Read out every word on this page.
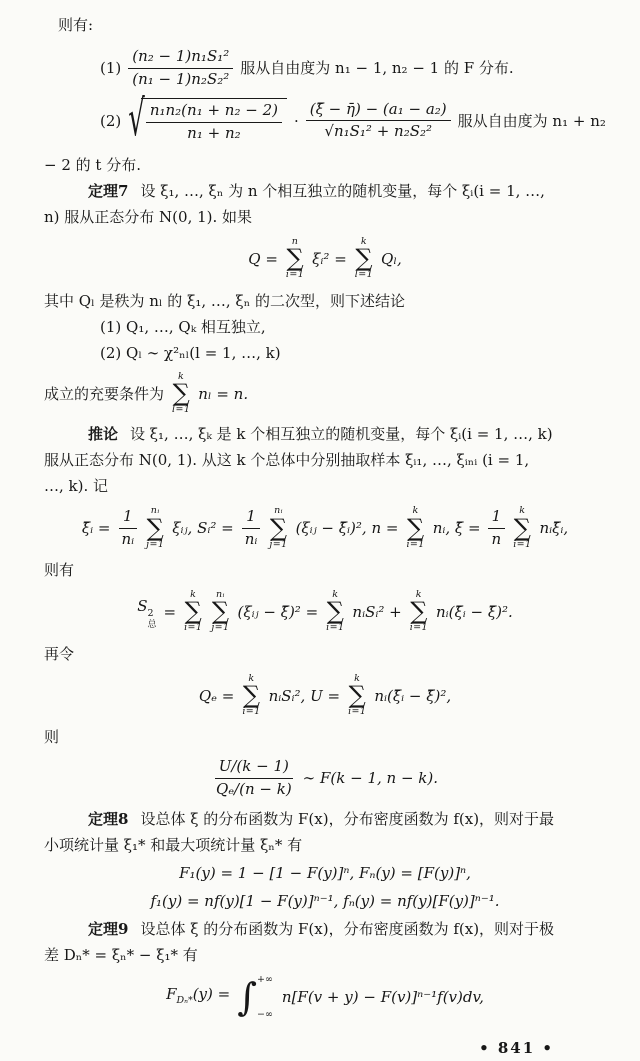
则有:

$(1) \frac{\text{(n₂ − 1)n₁S₁²}}{\text{(n₁ − 1)n₂S₂²}}$ 服从自由度为 n₁ − 1, n₂ − 1 的 F 分布.
(2) √ $\frac{\text{n₁n₂(n₁ + n₂ − 2)}}{\text{n₁ + n₂}} \cdot \frac{\text{(ξ̄ − η̄) − (a₁ − a₂)}}{\text{√n₁S₁² + n₂S₂²}}$ 服从自由度为 n₁ + n₂

− 2 的 t 分布.

定理7 设 ξ₁, …, ξₙ 为 n 个相互独立的随机变量，每个 ξᵢ(i = 1, …,

n) 服从正态分布 N(0, 1). 如果

Q =
n
∑
i=1
ξᵢ² =
k
∑
l=1
Qₗ,

其中 Qₗ 是秩为 nₗ 的 ξ₁, …, ξₙ 的二次型，则下述结论

(1) Q₁, …, Qₖ 相互独立,

(2) Qₗ ∼ χ²ₙₗ(l = 1, …, k)

成立的充要条件为
k
∑
l=1
nₗ = n.

推论 设 ξ₁, …, ξₖ 是 k 个相互独立的随机变量，每个 ξᵢ(i = 1, …, k)

服从正态分布 N(0, 1). 从这 k 个总体中分别抽取样本 ξᵢ₁, …, ξᵢₙᵢ (i = 1,

…, k). 记

ξ̄ᵢ = $\frac{1}{\text{nᵢ}}$ nᵢ
∑
j=1
ξᵢⱼ, Sᵢ² = $\frac{1}{\text{nᵢ}}$ nᵢ
∑
j=1
(ξᵢⱼ − ξ̄ᵢ)², n =
k
∑
i=1
nᵢ, ξ̄ = $\frac{1}{n}$ k
∑
i=1
nᵢξ̄ᵢ,

则有

S 2
总
=
k
∑
i=1
nᵢ
∑
j=1
(ξᵢⱼ − ξ̄)² =
k
∑
i=1
nᵢSᵢ² +
k
∑
i=1
nᵢ(ξ̄ᵢ − ξ̄)².

再令

Qₑ =
k
∑
i=1
nᵢSᵢ², U =
k
∑
i=1
nᵢ(ξ̄ᵢ − ξ̄)²,

则

$\frac{U/(k - 1)}{\text{Qₑ/(n − k)}}$ ∼ F(k − 1, n − k).

定理8 设总体 ξ 的分布函数为 F(x)，分布密度函数为 f(x)，则对于最

小项统计量 ξ₁* 和最大项统计量 ξₙ* 有

F₁(y) = 1 − [1 − F(y)]ⁿ, Fₙ(y) = [F(y)]ⁿ,

f₁(y) = nf(y)[1 − F(y)]ⁿ⁻¹, fₙ(y) = nf(y)[F(y)]ⁿ⁻¹.

定理9 设总体 ξ 的分布函数为 F(x)，分布密度函数为 f(x)，则对于极

差 Dₙ* = ξₙ* − ξ₁* 有

$F_{D_n*}(y)$ = ∫ +∞
−∞
n[F(v + y) − F(v)]ⁿ⁻¹f(v)dv,

• 841 •
